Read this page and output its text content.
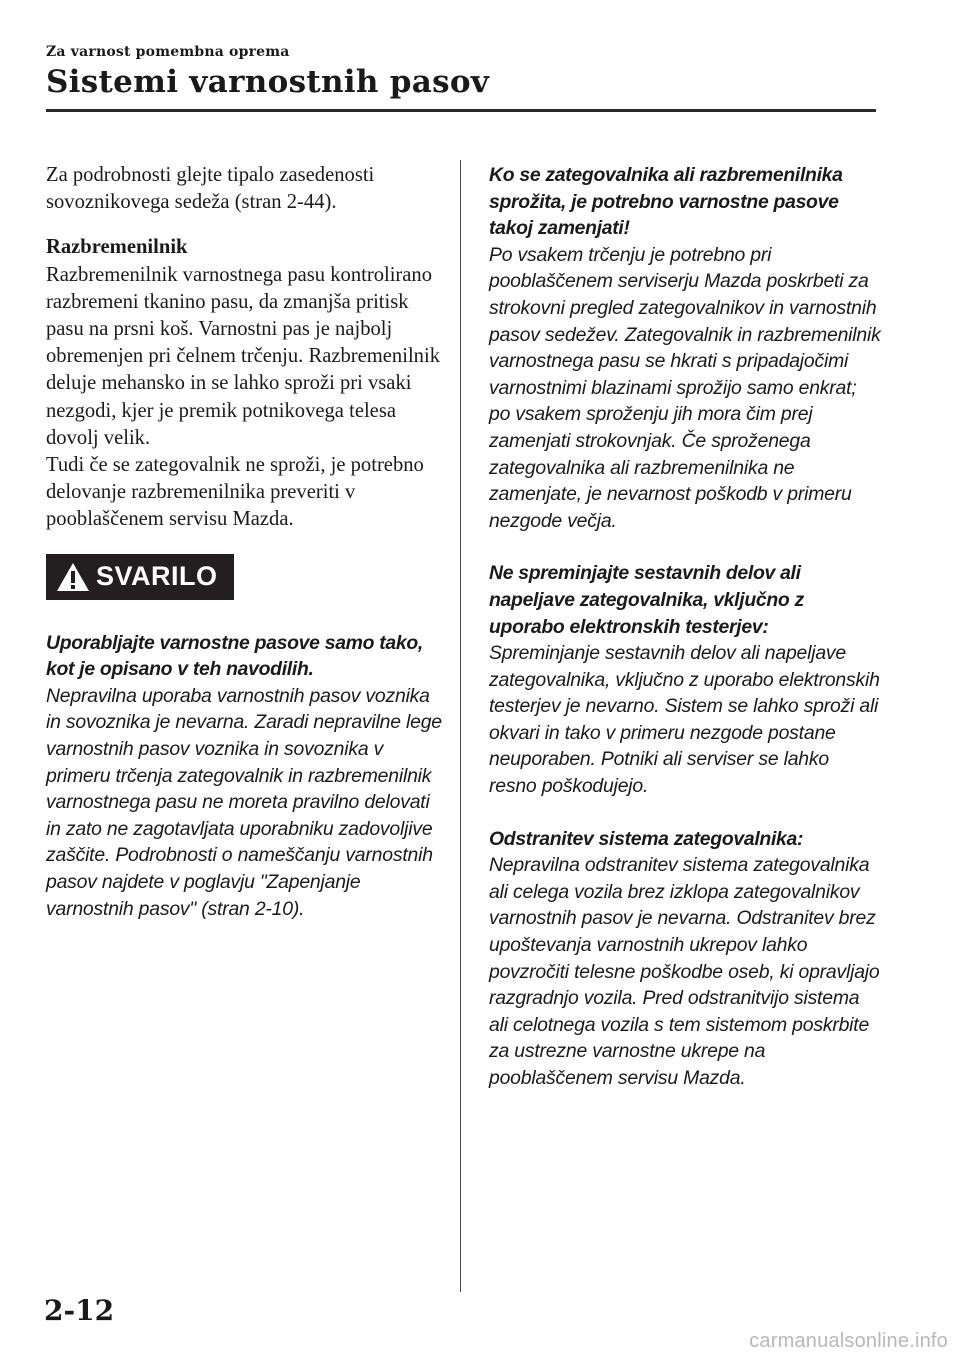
Za varnost pomembna oprema
Sistemi varnostnih pasov

Za podrobnosti glejte tipalo zasedenosti sovoznikovega sedeža (stran 2-44).

Razbremenilnik

Razbremenilnik varnostnega pasu kontrolirano razbremeni tkanino pasu, da zmanjša pritisk pasu na prsni koš. Varnostni pas je najbolj obremenjen pri čelnem trčenju. Razbremenilnik deluje mehansko in se lahko sproži pri vsaki nezgodi, kjer je premik potnikovega telesa dovolj velik.

Tudi če se zategovalnik ne sproži, je potrebno delovanje razbremenilnika preveriti v pooblaščenem servisu Mazda.

SVARILO

Uporabljajte varnostne pasove samo tako, kot je opisano v teh navodilih.

Nepravilna uporaba varnostnih pasov voznika in sovoznika je nevarna. Zaradi nepravilne lege varnostnih pasov voznika in sovoznika v primeru trčenja zategovalnik in razbremenilnik varnostnega pasu ne moreta pravilno delovati in zato ne zagotavljata uporabniku zadovoljive zaščite. Podrobnosti o nameščanju varnostnih pasov najdete v poglavju "Zapenjanje varnostnih pasov" (stran 2-10).

Ko se zategovalnika ali razbremenilnika sprožita, je potrebno varnostne pasove takoj zamenjati!

Po vsakem trčenju je potrebno pri pooblaščenem serviserju Mazda poskrbeti za strokovni pregled zategovalnikov in varnostnih pasov sedežev. Zategovalnik in razbremenilnik varnostnega pasu se hkrati s pripadajočimi varnostnimi blazinami sprožijo samo enkrat; po vsakem sproženju jih mora čim prej zamenjati strokovnjak. Če sproženega zategovalnika ali razbremenilnika ne zamenjate, je nevarnost poškodb v primeru nezgode večja.

Ne spreminjajte sestavnih delov ali napeljave zategovalnika, vključno z uporabo elektronskih testerjev:

Spreminjanje sestavnih delov ali napeljave zategovalnika, vključno z uporabo elektronskih testerjev je nevarno. Sistem se lahko sproži ali okvari in tako v primeru nezgode postane neuporaben. Potniki ali serviser se lahko resno poškodujejo.

Odstranitev sistema zategovalnika:

Nepravilna odstranitev sistema zategovalnika ali celega vozila brez izklopa zategovalnikov varnostnih pasov je nevarna. Odstranitev brez upoštevanja varnostnih ukrepov lahko povzročiti telesne poškodbe oseb, ki opravljajo razgradnjo vozila. Pred odstranitvijo sistema ali celotnega vozila s tem sistemom poskrbite za ustrezne varnostne ukrepe na pooblaščenem servisu Mazda.

2-12
carmanualsonline.info
